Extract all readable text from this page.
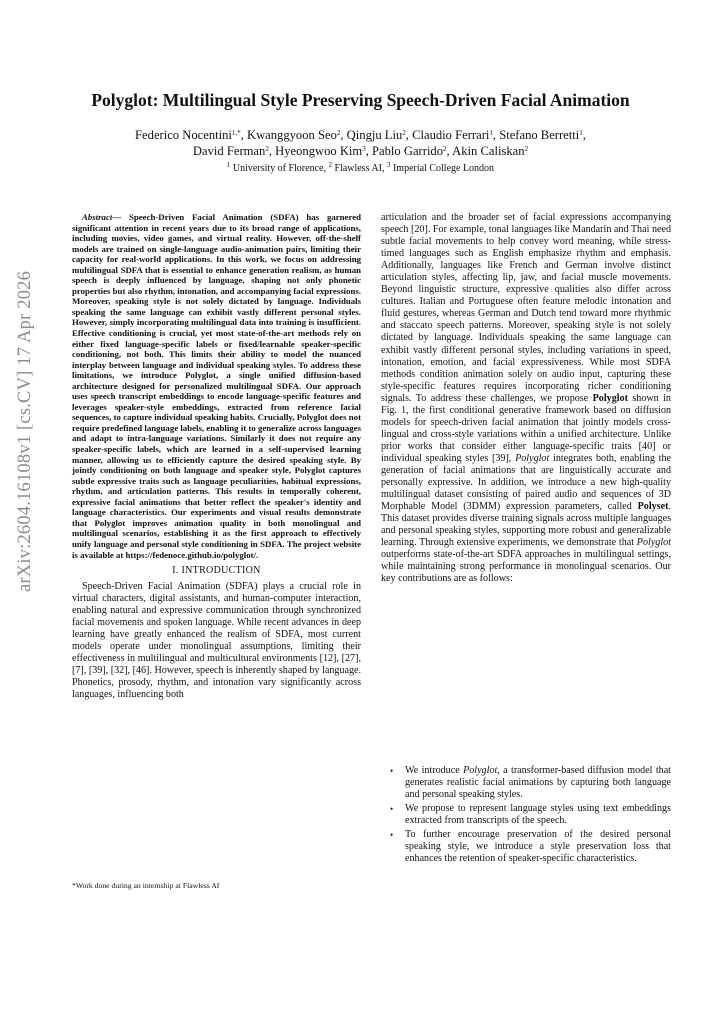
arXiv:2604.16108v1 [cs.CV] 17 Apr 2026
Polyglot: Multilingual Style Preserving Speech-Driven Facial Animation
Federico Nocentini$^{1,*}$, Kwanggyoon Seo$^2$, Qingju Liu$^2$, Claudio Ferrari$^1$, Stefano Berretti$^1$,
David Ferman$^2$, Hyeongwoo Kim$^3$, Pablo Garrido$^2$, Akin Caliskan$^2$
$^1$ University of Florence, $^2$ Flawless AI, $^3$ Imperial College London

Abstract— Speech-Driven Facial Animation (SDFA) has garnered significant attention in recent years due to its broad range of applications, including movies, video games, and virtual reality. However, off-the-shelf models are trained on single-language audio-animation pairs, limiting their capacity for real-world applications. In this work, we focus on addressing multilingual SDFA that is essential to enhance generation realism, as human speech is deeply influenced by language, shaping not only phonetic properties but also rhythm, intonation, and accompanying facial expressions. Moreover, speaking style is not solely dictated by language. Individuals speaking the same language can exhibit vastly different personal styles. However, simply incorporating multilingual data into training is insufficient. Effective conditioning is crucial, yet most state-of-the-art methods rely on either fixed language-specific labels or fixed/learnable speaker-specific conditioning, not both. This limits their ability to model the nuanced interplay between language and individual speaking styles. To address these limitations, we introduce Polyglot, a single unified diffusion-based architecture designed for personalized multilingual SDFA. Our approach uses speech transcript embeddings to encode language-specific features and leverages speaker-style embeddings, extracted from reference facial sequences, to capture individual speaking habits. Crucially, Polyglot does not require predefined language labels, enabling it to generalize across languages and adapt to intra-language variations. Similarly it does not require any speaker-specific labels, which are learned in a self-supervised learning manner, allowing us to efficiently capture the desired speaking style. By jointly conditioning on both language and speaker style, Polyglot captures subtle expressive traits such as language peculiarities, habitual expressions, rhythm, and articulation patterns. This results in temporally coherent, expressive facial animations that better reflect the speaker's identity and language characteristics. Our experiments and visual results demonstrate that Polyglot improves animation quality in both monolingual and multilingual scenarios, establishing it as the first approach to effectively unify language and personal style conditioning in SDFA. The project website is available at https://fedenoce.github.io/polyglot/.

I. INTRODUCTION

Speech-Driven Facial Animation (SDFA) plays a crucial role in virtual characters, digital assistants, and human-computer interaction, enabling natural and expressive communication through synchronized facial movements and spoken language. While recent advances in deep learning have greatly enhanced the realism of SDFA, most current models operate under monolingual assumptions, limiting their effectiveness in multilingual and multicultural environments [12], [27], [7], [39], [32], [46]. However, speech is inherently shaped by language. Phonetics, prosody, rhythm, and intonation vary significantly across languages, influencing both

articulation and the broader set of facial expressions accompanying speech [20]. For example, tonal languages like Mandarin and Thai need subtle facial movements to help convey word meaning, while stress-timed languages such as English emphasize rhythm and emphasis. Additionally, languages like French and German involve distinct articulation styles, affecting lip, jaw, and facial muscle movements. Beyond linguistic structure, expressive qualities also differ across cultures. Italian and Portuguese often feature melodic intonation and fluid gestures, whereas German and Dutch tend toward more rhythmic and staccato speech patterns. Moreover, speaking style is not solely dictated by language. Individuals speaking the same language can exhibit vastly different personal styles, including variations in speed, intonation, emotion, and facial expressiveness. While most SDFA methods condition animation solely on audio input, capturing these style-specific features requires incorporating richer conditioning signals. To address these challenges, we propose Polyglot shown in Fig. 1, the first conditional generative framework based on diffusion models for speech-driven facial animation that jointly models cross-lingual and cross-style variations within a unified architecture. Unlike prior works that consider either language-specific traits [40] or individual speaking styles [39], Polyglot integrates both, enabling the generation of facial animations that are linguistically accurate and personally expressive. In addition, we introduce a new high-quality multilingual dataset consisting of paired audio and sequences of 3D Morphable Model (3DMM) expression parameters, called Polyset. This dataset provides diverse training signals across multiple languages and personal speaking styles, supporting more robust and generalizable learning. Through extensive experiments, we demonstrate that Polyglot outperforms state-of-the-art SDFA approaches in multilingual settings, while maintaining strong performance in monolingual scenarios. Our key contributions are as follows:

• We introduce Polyglot, a transformer-based diffusion model that generates realistic facial animations by capturing both language and personal speaking styles.
• We propose to represent language styles using text embeddings extracted from transcripts of the speech.
• To further encourage preservation of the desired personal speaking style, we introduce a style preservation loss that enhances the retention of speaker-specific characteristics.
*Work done during an internship at Flawless AI
